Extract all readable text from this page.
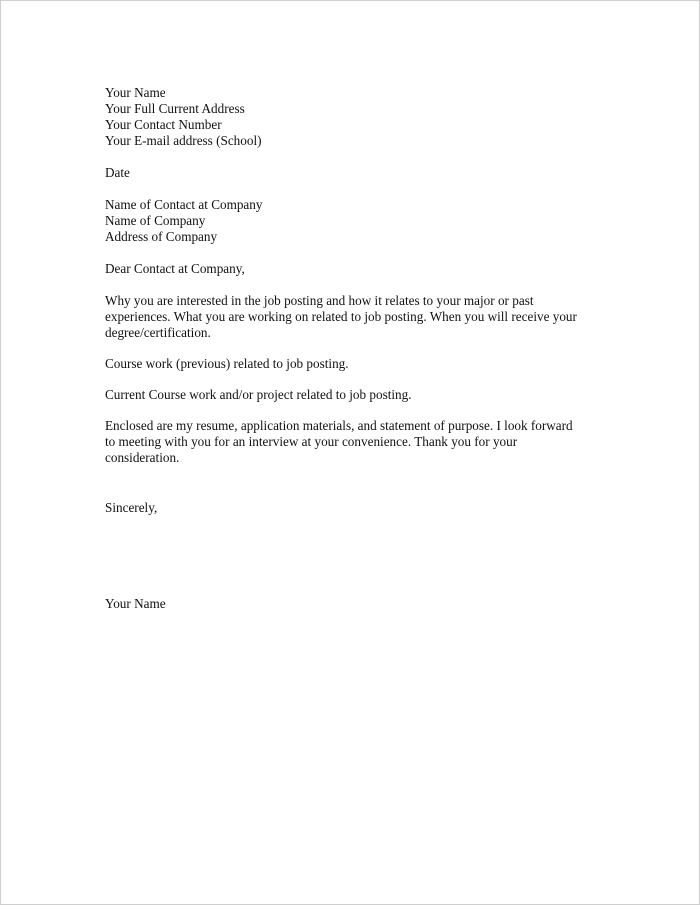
Your Name
Your Full Current Address
Your Contact Number
Your E-mail address (School)
Date
Name of Contact at Company
Name of Company
Address of Company
Dear Contact at Company,
Why you are interested in the job posting and how it relates to your major or past
experiences. What you are working on related to job posting. When you will receive your
degree/certification.
Course work (previous) related to job posting.
Current Course work and/or project related to job posting.
Enclosed are my resume, application materials, and statement of purpose. I look forward
to meeting with you for an interview at your convenience. Thank you for your
consideration.
Sincerely,
Your Name
